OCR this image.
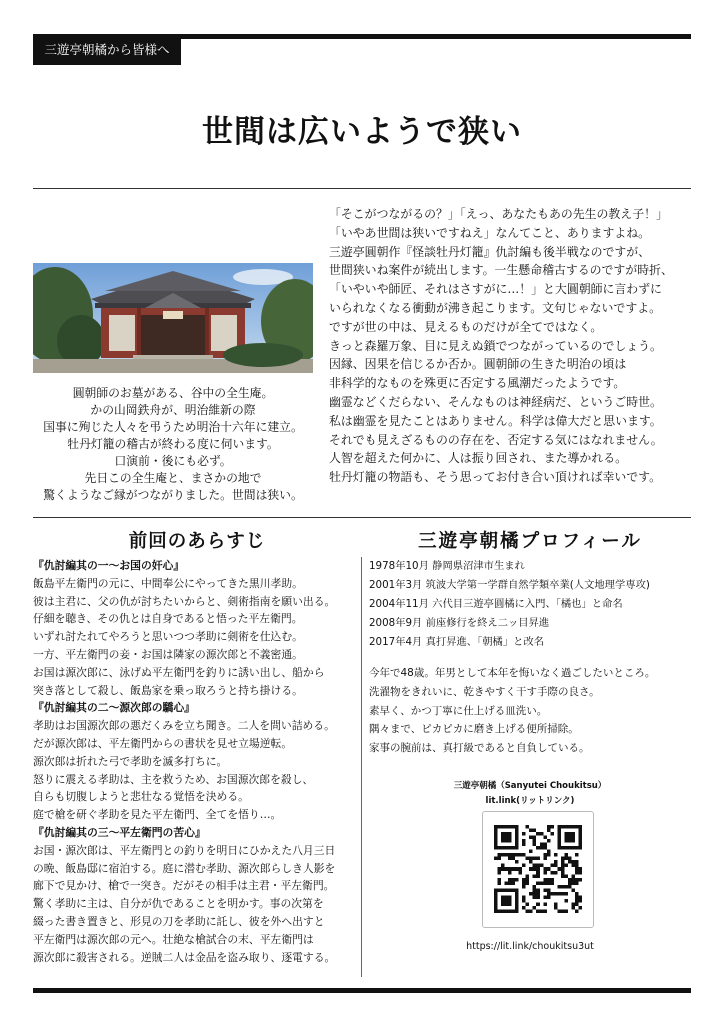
三遊亭朝橘から皆様へ
世間は広いようで狭い
圓朝師のお墓がある、谷中の全生庵。
かの山岡鉄舟が、明治維新の際
国事に殉じた人々を弔うため明治十六年に建立。
牡丹灯籠の稽古が終わる度に伺います。
口演前・後にも必ず。
先日この全生庵と、まさかの地で
驚くようなご縁がつながりました。世間は狭い。
「そこがつながるの？」「えっ、あなたもあの先生の教え子！」
「いやあ世間は狭いですねえ」なんてこと、ありますよね。
三遊亭圓朝作『怪談牡丹灯籠』仇討編も後半戦なのですが、
世間狭いね案件が続出します。一生懸命稽古するのですが時折、
「いやいや師匠、それはさすがに…！」と大圓朝師に言わずに
いられなくなる衝動が沸き起こります。文句じゃないですよ。
ですが世の中は、見えるものだけが全てではなく。
きっと森羅万象、目に見えぬ鎖でつながっているのでしょう。
因縁、因果を信じるか否か。圓朝師の生きた明治の頃は
非科学的なものを殊更に否定する風潮だったようです。
幽霊などくだらない、そんなものは神経病だ、というご時世。
私は幽霊を見たことはありません。科学は偉大だと思います。
それでも見えざるものの存在を、否定する気にはなれません。
人智を超えた何かに、人は振り回され、また導かれる。
牡丹灯籠の物語も、そう思ってお付き合い頂ければ幸いです。
前回のあらすじ
『仇討編其の一〜お国の奸心』
飯島平左衛門の元に、中間奉公にやってきた黒川孝助。
彼は主君に、父の仇が討ちたいからと、剣術指南を願い出る。
仔細を聴き、その仇とは自身であると悟った平左衛門。
いずれ討たれてやろうと思いつつ孝助に剣術を仕込む。
一方、平左衛門の妾・お国は隣家の源次郎と不義密通。
お国は源次郎に、泳げぬ平左衛門を釣りに誘い出し、船から
突き落として殺し、飯島家を乗っ取ろうと持ち掛ける。
『仇討編其の二〜源次郎の驕心』
孝助はお国源次郎の悪だくみを立ち聞き。二人を問い詰める。
だが源次郎は、平左衛門からの書状を見せ立場逆転。
源次郎は折れた弓で孝助を滅多打ちに。
怒りに震える孝助は、主を救うため、お国源次郎を殺し、
自らも切腹しようと悲壮なる覚悟を決める。
庭で槍を研ぐ孝助を見た平左衛門、全てを悟り…。
『仇討編其の三〜平左衛門の苦心』
お国・源次郎は、平左衛門との釣りを明日にひかえた八月三日
の晩、飯島邸に宿泊する。庭に潜む孝助、源次郎らしき人影を
廊下で見かけ、槍で一突き。だがその相手は主君・平左衛門。
驚く孝助に主は、自分が仇であることを明かす。事の次第を
綴った書き置きと、形見の刀を孝助に託し、彼を外へ出すと
平左衛門は源次郎の元へ。壮絶な槍試合の末、平左衛門は
源次郎に殺害される。逆賊二人は金品を盗み取り、逐電する。
三遊亭朝橘プロフィール
1978年10月 静岡県沼津市生まれ
2001年3月 筑波大学第一学群自然学類卒業(人文地理学専攻)
2004年11月 六代目三遊亭圓橘に入門、「橘也」と命名
2008年9月 前座修行を終え二ッ目昇進
2017年4月 真打昇進、「朝橘」と改名
今年で48歳。年男として本年を悔いなく過ごしたいところ。
洗濯物をきれいに、乾きやすく干す手際の良さ。
素早く、かつ丁寧に仕上げる皿洗い。
隅々まで、ピカピカに磨き上げる便所掃除。
家事の腕前は、真打級であると自負している。
三遊亭朝橘（Sanyutei Choukitsu）
lit.link(リットリンク)
https://lit.link/choukitsu3ut
